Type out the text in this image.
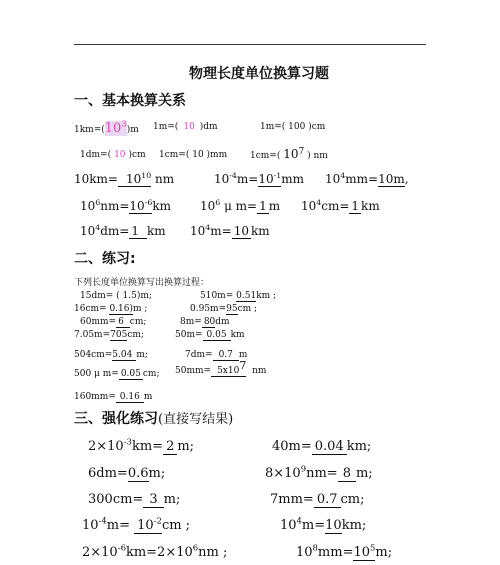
物理长度单位换算习题
一、基本换算关系
$1km=(10^3)m$ 1m=( 10 )dm	1m=( 100 )cm
1dm=( 10 )cm 1cm=( 10 )mm	1cm=( $10^7$ ) nm
$10km= 10^{10}$ nm	$10^{-4}m=10^{-1}mm$ $10^4mm=10m$,
$10^6nm=10^{-6}km$ $10^6$ μ m= 1 m $10^4cm= 1$ km
$10^4dm= 1$ km $10^4m= 10$ km
二、练习:
下列长度单位换算写出换算过程：
15dm= ( 1.5)m;	510m= 0.51km ;
16cm= 0.16)m ;	0.95m=95cm ;
60mm= 6 cm;	8m= 80dm
7.05m=705cm;	50m= 0.05 km
504cm=5.04 m;	7dm= 0.7 m
500 μ m= 0.05 cm; $50mm= 5x10^7$ nm
160mm= 0.16 m
三、强化练习(直接写结果)
$2\times 10^{-3}km= 2$ m;	40m= 0.04 km;
6dm=0.6m;	$8\times 10^9nm= 8$ m;
300cm= 3 m;	7mm= 0.7 cm;
$10^{-4}m= 10^{-2}cm$ ;	$10^4m=10km$;
$2\times 10^{-6}km=2\times 10^6nm$ ;	$10^8mm=10^5m$;
